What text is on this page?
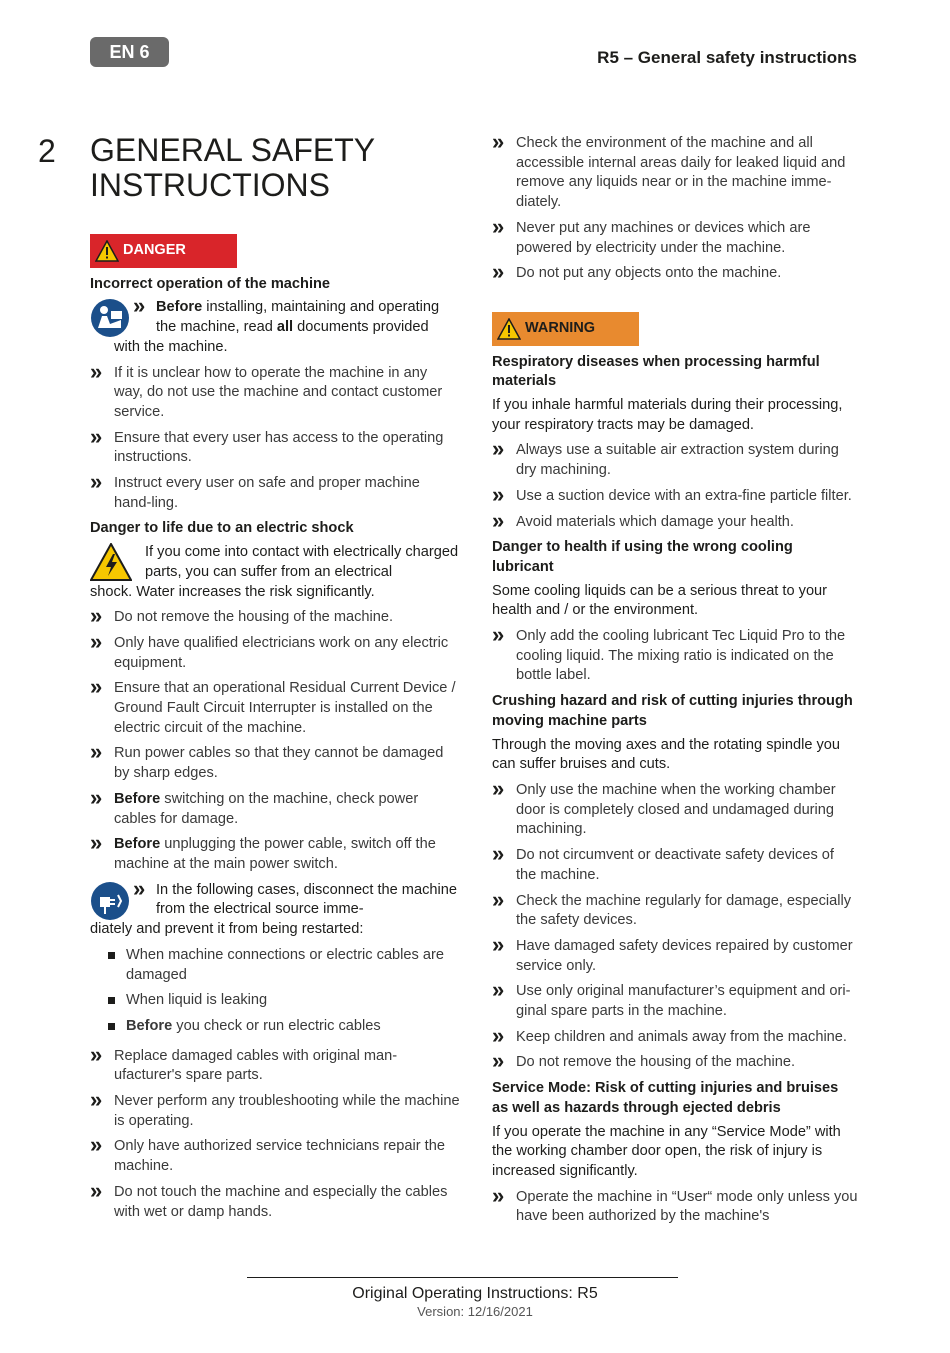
EN 6	R5 – General safety instructions
2 GENERAL SAFETY INSTRUCTIONS
DANGER
Incorrect operation of the machine
» Before installing, maintaining and operating the machine, read all documents provided
with the machine.
» If it is unclear how to operate the machine in any way, do not use the machine and contact customer service.
» Ensure that every user has access to the operating instructions.
» Instruct every user on safe and proper machine hand-ling.
Danger to life due to an electric shock
If you come into contact with electrically charged parts, you can suffer from an electrical
shock. Water increases the risk significantly.
» Do not remove the housing of the machine.
» Only have qualified electricians work on any electric equipment.
» Ensure that an operational Residual Current Device / Ground Fault Circuit Interrupter is installed on the electric circuit of the machine.
» Run power cables so that they cannot be damaged by sharp edges.
» Before switching on the machine, check power cables for damage.
» Before unplugging the power cable, switch off the machine at the main power switch.
» In the following cases, disconnect the machine from the electrical source imme-
diately and prevent it from being restarted:
When machine connections or electric cables are damaged
When liquid is leaking
Before you check or run electric cables
» Replace damaged cables with original man-ufacturer's spare parts.
» Never perform any troubleshooting while the machine is operating.
» Only have authorized service technicians repair the machine.
» Do not touch the machine and especially the cables with wet or damp hands.
» Check the environment of the machine and all accessible internal areas daily for leaked liquid and remove any liquids near or in the machine imme-diately.
» Never put any machines or devices which are powered by electricity under the machine.
» Do not put any objects onto the machine.
WARNING
Respiratory diseases when processing harmful materials
If you inhale harmful materials during their processing, your respiratory tracts may be damaged.
» Always use a suitable air extraction system during dry machining.
» Use a suction device with an extra-fine particle filter.
» Avoid materials which damage your health.
Danger to health if using the wrong cooling lubricant
Some cooling liquids can be a serious threat to your health and / or the environment.
» Only add the cooling lubricant Tec Liquid Pro to the cooling liquid. The mixing ratio is indicated on the bottle label.
Crushing hazard and risk of cutting injuries through moving machine parts
Through the moving axes and the rotating spindle you can suffer bruises and cuts.
» Only use the machine when the working chamber door is completely closed and undamaged during machining.
» Do not circumvent or deactivate safety devices of the machine.
» Check the machine regularly for damage, especially the safety devices.
» Have damaged safety devices repaired by customer service only.
» Use only original manufacturer’s equipment and ori-ginal spare parts in the machine.
» Keep children and animals away from the machine.
» Do not remove the housing of the machine.
Service Mode: Risk of cutting injuries and bruises as well as hazards through ejected debris
If you operate the machine in any “Service Mode” with the working chamber door open, the risk of injury is increased significantly.
» Operate the machine in “User“ mode only unless you have been authorized by the machine's
Original Operating Instructions: R5
Version: 12/16/2021
